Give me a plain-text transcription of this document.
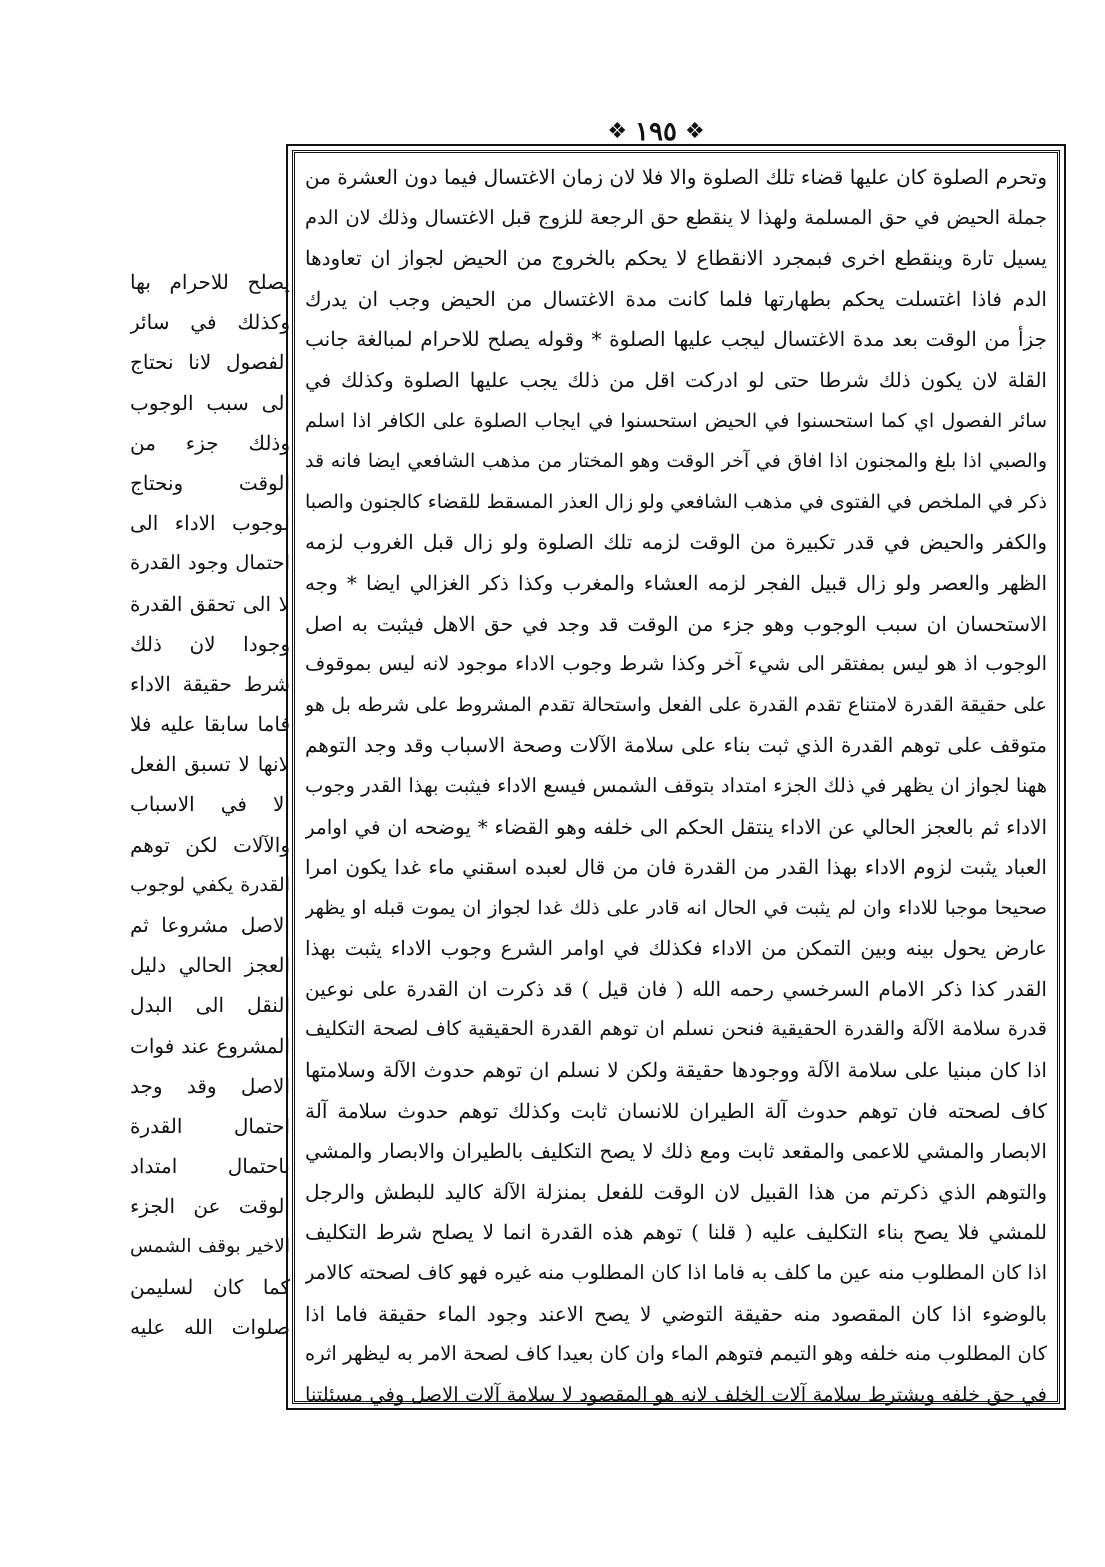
❖ ١٩٥ ❖
وتحرم الصلوة كان عليها قضاء تلك الصلوة والا فلا لان زمان الاغتسال فيما دون العشرة من
جملة الحيض في حق المسلمة ولهذا لا ينقطع حق الرجعة للزوج قبل الاغتسال وذلك لان الدم
يسيل تارة وينقطع اخرى فبمجرد الانقطاع لا يحكم بالخروج من الحيض لجواز ان تعاودها
الدم فاذا اغتسلت يحكم بطهارتها فلما كانت مدة الاغتسال من الحيض وجب ان يدرك
جزأ من الوقت بعد مدة الاغتسال ليجب عليها الصلوة * وقوله يصلح للاحرام لمبالغة جانب
القلة لان يكون ذلك شرطا حتى لو ادركت اقل من ذلك يجب عليها الصلوة وكذلك في
سائر الفصول اي كما استحسنوا في الحيض استحسنوا في ايجاب الصلوة على الكافر اذا اسلم
والصبي اذا بلغ والمجنون اذا افاق في آخر الوقت وهو المختار من مذهب الشافعي ايضا فانه قد
ذكر في الملخص في الفتوى في مذهب الشافعي ولو زال العذر المسقط للقضاء كالجنون والصبا
والكفر والحيض في قدر تكبيرة من الوقت لزمه تلك الصلوة ولو زال قبل الغروب لزمه
الظهر والعصر ولو زال قبيل الفجر لزمه العشاء والمغرب وكذا ذكر الغزالي ايضا * وجه
الاستحسان ان سبب الوجوب وهو جزء من الوقت قد وجد في حق الاهل فيثبت به اصل
الوجوب اذ هو ليس بمفتقر الى شيء آخر وكذا شرط وجوب الاداء موجود لانه ليس بموقوف
على حقيقة القدرة لامتناع تقدم القدرة على الفعل واستحالة تقدم المشروط على شرطه بل هو
متوقف على توهم القدرة الذي ثبت بناء على سلامة الآلات وصحة الاسباب وقد وجد التوهم
ههنا لجواز ان يظهر في ذلك الجزء امتداد بتوقف الشمس فيسع الاداء فيثبت بهذا القدر وجوب
الاداء ثم بالعجز الحالي عن الاداء ينتقل الحكم الى خلفه وهو القضاء * يوضحه ان في اوامر
العباد يثبت لزوم الاداء بهذا القدر من القدرة فان من قال لعبده اسقني ماء غدا يكون امرا
صحيحا موجبا للاداء وان لم يثبت في الحال انه قادر على ذلك غدا لجواز ان يموت قبله او يظهر
عارض يحول بينه وبين التمكن من الاداء فكذلك في اوامر الشرع وجوب الاداء يثبت بهذا
القدر كذا ذكر الامام السرخسي رحمه الله ( فان قيل ) قد ذكرت ان القدرة على نوعين
قدرة سلامة الآلة والقدرة الحقيقية فنحن نسلم ان توهم القدرة الحقيقية كاف لصحة التكليف
اذا كان مبنيا على سلامة الآلة ووجودها حقيقة ولكن لا نسلم ان توهم حدوث الآلة وسلامتها
كاف لصحته فان توهم حدوث آلة الطيران للانسان ثابت وكذلك توهم حدوث سلامة آلة
الابصار والمشي للاعمى والمقعد ثابت ومع ذلك لا يصح التكليف بالطيران والابصار والمشي
والتوهم الذي ذكرتم من هذا القبيل لان الوقت للفعل بمنزلة الآلة كاليد للبطش والرجل
للمشي فلا يصح بناء التكليف عليه ( قلنا ) توهم هذه القدرة انما لا يصلح شرط التكليف
اذا كان المطلوب منه عين ما كلف به فاما اذا كان المطلوب منه غيره فهو كاف لصحته كالامر
بالوضوء اذا كان المقصود منه حقيقة التوضي لا يصح الاعند وجود الماء حقيقة فاما اذا
كان المطلوب منه خلفه وهو التيمم فتوهم الماء وان كان بعيدا كاف لصحة الامر به ليظهر اثره
في حق خلفه ويشترط سلامة آلات الخلف لانه هو المقصود لا سلامة آلات الاصل وفي مسئلتنا
يصلح للاحرام بها
وكذلك في سائر
الفصول لانا نحتاج
الى سبب الوجوب
وذلك جزء من
الوقت ونحتاج
لوجوب الاداء الى
احتمال وجود القدرة
لا الى تحقق القدرة
وجودا لان ذلك
شرط حقيقة الاداء
فاما سابقا عليه فلا
لانها لا تسبق الفعل
الا في الاسباب
والآلات لكن توهم
القدرة يكفي لوجوب
الاصل مشروعا ثم
العجز الحالي دليل
النقل الى البدل
المشروع عند فوات
الاصل وقد وجد
احتمال القدرة
باحتمال امتداد
الوقت عن الجزء
الاخير بوقف الشمس
كما كان لسليمن
صلوات الله عليه
